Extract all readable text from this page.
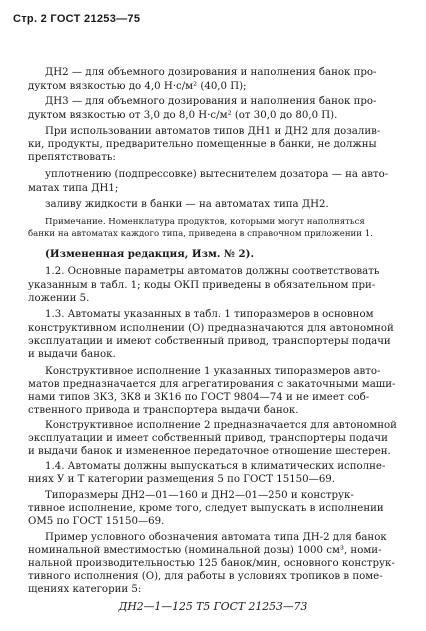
Стр. 2 ГОСТ 21253—75
ДН2 — для объемного дозирования и наполнения банок про-
дуктом вязкостью до 4,0 Н·с/м² (40,0 П);
ДН3 — для объемного дозирования и наполнения банок про-
дуктом вязкостью от 3,0 до 8,0 Н·с/м² (от 30,0 до 80,0 П).
При использовании автоматов типов ДН1 и ДН2 для дозалив-
ки, продукты, предварительно помещенные в банки, не должны
препятствовать:
уплотнению (подпрессовке) вытеснителем дозатора — на авто-
матах типа ДН1;
заливу жидкости в банки — на автоматах типа ДН2.
Примечание. Номенклатура продуктов, которыми могут наполняться
банки на автоматах каждого типа, приведена в справочном приложении 1.
(Измененная редакция, Изм. № 2).
1.2. Основные параметры автоматов должны соответствовать
указанным в табл. 1; коды ОКП приведены в обязательном при-
ложении 5.
1.3. Автоматы указанных в табл. 1 типоразмеров в основном
конструктивном исполнении (О) предназначаются для автономной
эксплуатации и имеют собственный привод, транспортеры подачи
и выдачи банок.
Конструктивное исполнение 1 указанных типоразмеров авто-
матов предназначается для агрегатирования с закаточными маши-
нами типов ЗКЗ, ЗК8 и ЗК16 по ГОСТ 9804—74 и не имеет соб-
ственного привода и транспортера выдачи банок.
Конструктивное исполнение 2 предназначается для автономной
эксплуатации и имеет собственный привод, транспортеры подачи
и выдачи банок и измененное передаточное отношение шестерен.
1.4. Автоматы должны выпускаться в климатических исполне-
ниях У и Т категории размещения 5 по ГОСТ 15150—69.
Типоразмеры ДН2—01—160 и ДН2—01—250 и конструк-
тивное исполнение, кроме того, следует выпускать в исполнении
ОМ5 по ГОСТ 15150—69.
Пример условного обозначения автомата типа ДН-2 для банок
номинальной вместимостью (номинальной дозы) 1000 см³, номи-
нальной производительностью 125 банок/мин, основного конструк-
тивного исполнения (О), для работы в условиях тропиков в поме-
щениях категории 5:
ДН2—1—125 Т5 ГОСТ 21253—73
